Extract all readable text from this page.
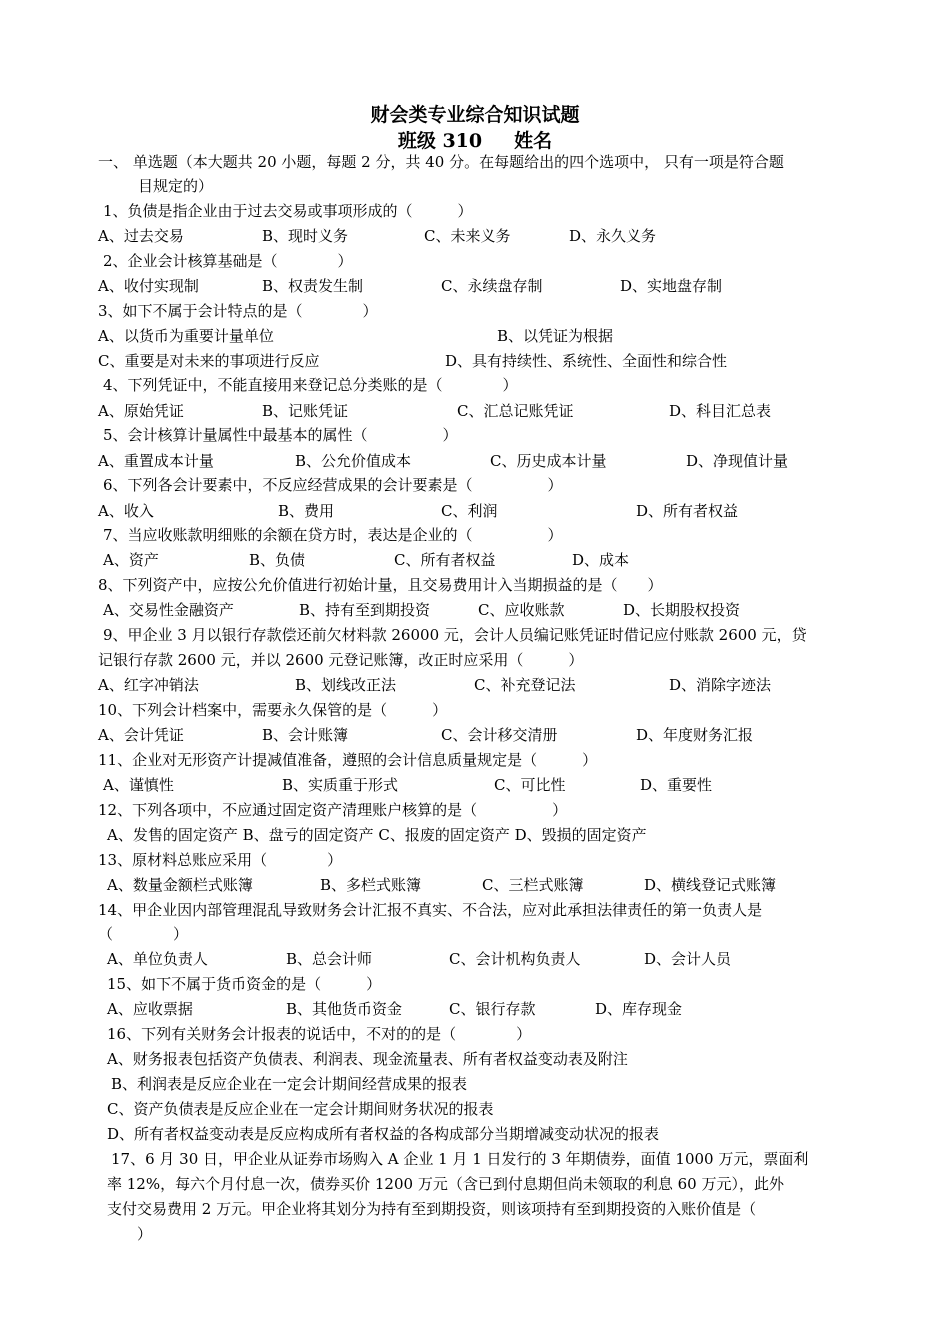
财会类专业综合知识试题
班级 310 姓名
一、 单选题（本大题共 20 小题，每题 2 分，共 40 分。在每题给出的四个选项中， 只有一项是符合题
目规定的）
1、负债是指企业由于过去交易或事项形成的（　　　）
A、过去交易	B、现时义务	C、未来义务	D、永久义务
2、企业会计核算基础是（　　　　）
A、收付实现制	B、权责发生制	C、永续盘存制	D、实地盘存制
3、如下不属于会计特点的是（　　　　）
A、以货币为重要计量单位	B、以凭证为根据
C、重要是对未来的事项进行反应	D、具有持续性、系统性、全面性和综合性
4、下列凭证中，不能直接用来登记总分类账的是（　　　　）
A、原始凭证	B、记账凭证	C、汇总记账凭证	D、科目汇总表
5、会计核算计量属性中最基本的属性（　　　　　）
A、重置成本计量	B、公允价值成本	C、历史成本计量	D、净现值计量
6、下列各会计要素中，不反应经营成果的会计要素是（　　　　　）
A、收入	B、费用	C、利润	D、所有者权益
7、当应收账款明细账的余额在贷方时，表达是企业的（　　　　　）
A、资产	B、负债	C、所有者权益	D、成本
8、下列资产中，应按公允价值进行初始计量，且交易费用计入当期损益的是（　　）
A、交易性金融资产	B、持有至到期投资	C、应收账款	D、长期股权投资
9、甲企业 3 月以银行存款偿还前欠材料款 26000 元，会计人员编记账凭证时借记应付账款 2600 元，贷
记银行存款 2600 元，并以 2600 元登记账簿，改正时应采用（　　　）
A、红字冲销法	B、划线改正法	C、补充登记法	D、消除字迹法
10、下列会计档案中，需要永久保管的是（　　　）
A、会计凭证	B、会计账簿	C、会计移交清册	D、年度财务汇报
11、企业对无形资产计提减值准备，遵照的会计信息质量规定是（　　　）
A、谨慎性	B、实质重于形式	C、可比性	D、重要性
12、下列各项中，不应通过固定资产清理账户核算的是（　　　　　）
A、发售的固定资产 B、盘亏的固定资产 C、报废的固定资产 D、毁损的固定资产
13、原材料总账应采用（　　　　）
A、数量金额栏式账簿	B、多栏式账簿	C、三栏式账簿	D、横线登记式账簿
14、甲企业因内部管理混乱导致财务会计汇报不真实、不合法，应对此承担法律责任的第一负责人是
（　　　　）
A、单位负责人	B、总会计师	C、会计机构负责人	D、会计人员
15、如下不属于货币资金的是（　　　）
A、应收票据	B、其他货币资金	C、银行存款	D、库存现金
16、下列有关财务会计报表的说话中，不对的的是（　　　　）
A、财务报表包括资产负债表、利润表、现金流量表、所有者权益变动表及附注
B、利润表是反应企业在一定会计期间经营成果的报表
C、资产负债表是反应企业在一定会计期间财务状况的报表
D、所有者权益变动表是反应构成所有者权益的各构成部分当期增减变动状况的报表
17、6 月 30 日，甲企业从证券市场购入 A 企业 1 月 1 日发行的 3 年期债券，面值 1000 万元，票面利
率 12%，每六个月付息一次，债券买价 1200 万元（含已到付息期但尚未领取的利息 60 万元），此外
支付交易费用 2 万元。甲企业将其划分为持有至到期投资，则该项持有至到期投资的入账价值是（
　　）
